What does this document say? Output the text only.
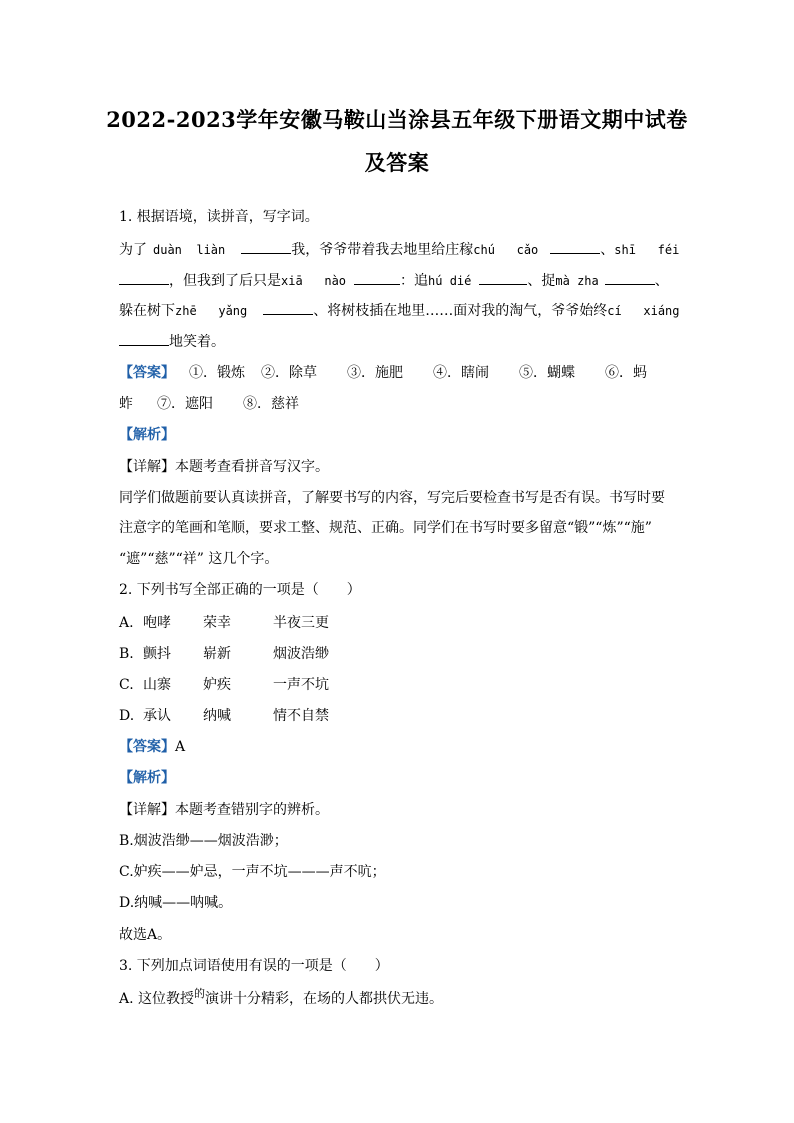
2022-2023学年安徽马鞍山当涂县五年级下册语文期中试卷
及答案
1. 根据语境，读拼音，写字词。
为了 duàn  liàn	我，爷爷带着我去地里给庄稼chú   cǎo	、shī   féi
，但我到了后只是xiā   nào	：追hú dié	、捉mà zha	、
躲在树下zhē   yǎng	、将树枝插在地里……面对我的淘气，爷爷始终cí   xiáng
地笑着。
【答案】 ①．锻炼 ②．除草 ③．施肥 ④．瞎闹 ⑤．蝴蝶 ⑥．蚂
蚱 ⑦．遮阳 ⑧．慈祥
【解析】
【详解】本题考查看拼音写汉字。
同学们做题前要认真读拼音，了解要书写的内容，写完后要检查书写是否有误。书写时要
注意字的笔画和笔顺，要求工整、规范、正确。同学们在书写时要多留意“锻”“炼”“施”
“遮”“慈”“祥” 这几个字。
2. 下列书写全部正确的一项是（　　）
A. 咆哮 荣幸	半夜三更
B. 颤抖 崭新	烟波浩缈
C. 山寨 妒疾	一声不坑
D. 承认 纳喊	情不自禁
【答案】A
【解析】
【详解】本题考查错别字的辨析。
B.烟波浩缈——烟波浩渺；
C.妒疾——妒忌，一声不坑———声不吭；
D.纳喊——呐喊。
故选A。
3. 下列加点词语使用有误的一项是（　　）
A. 这位教授$^的$演讲十分精彩，在场的人都拱伏无违。
